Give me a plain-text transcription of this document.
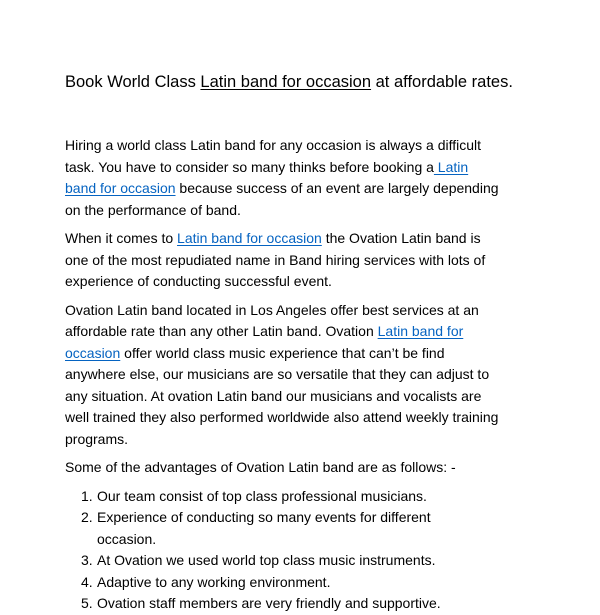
Book World Class Latin band for occasion at affordable rates.

Hiring a world class Latin band for any occasion is always a difficult task. You have to consider so many thinks before booking a Latin band for occasion because success of an event are largely depending on the performance of band.

When it comes to Latin band for occasion the Ovation Latin band is one of the most repudiated name in Band hiring services with lots of experience of conducting successful event.

Ovation Latin band located in Los Angeles offer best services at an affordable rate than any other Latin band. Ovation Latin band for occasion offer world class music experience that can’t be find anywhere else, our musicians are so versatile that they can adjust to any situation. At ovation Latin band our musicians and vocalists are well trained they also performed worldwide also attend weekly training programs.

Some of the advantages of Ovation Latin band are as follows: -

1. Our team consist of top class professional musicians.
2. Experience of conducting so many events for different occasion.
3. At Ovation we used world top class music instruments.
4. Adaptive to any working environment.
5. Ovation staff members are very friendly and supportive.
